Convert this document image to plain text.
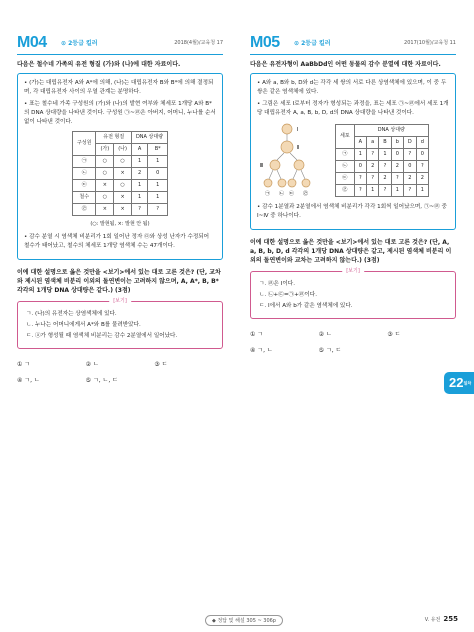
M04 ⊙ 2등급 킬러	2018(4월)/교육청 17
다음은 철수네 가족의 유전 형질 (가)와 (나)에 대한 자료이다.

• (가)는 대립유전자 A와 A*에 의해, (나)는 대립유전자 B와 B*에 의해 결정되며, 각 대립유전자 사이의 우열 관계는 분명하다.

• 표는 철수네 가족 구성원의 (가)와 (나)의 발현 여부와 체세포 1개당 A와 B*의 DNA 상대량을 나타낸 것이다. 구성원 ㉠~㉣은 아버지, 어머니, 누나를 순서 없이 나타낸 것이다.

구성원	유전 형질		DNA 상대량	
	(가)	(나)	A	B*
㉠	○	○	1	1
㉡	○	×	2	0
㉢	×	○	1	1
철수	○	×	1	1
㉣	×	×	?	?
(○: 발현됨, ×: 발현 안 됨)

• 감수 분열 시 염색체 비분리가 1회 일어난 정자 ㉤와 상성 난자가 수정되어 철수가 태어났고, 철수의 체세포 1개당 염색체 수는 47개이다.

이에 대한 설명으로 옳은 것만을 <보기>에서 있는 대로 고른 것은? (단, 교차와 제시된 염색체 비분리 이외의 돌연변이는 고려하지 않으며, A, A*, B, B* 각각의 1개당 DNA 상대량은 같다.) (3점)
[보기]

ㄱ. (나)의 유전자는 상염색체에 있다.

ㄴ. 누나는 어머니에게서 A*와 B를 물려받았다.

ㄷ. ⓐ가 형성될 때 염색체 비분리는 감수 2분열에서 일어났다.

① ㄱ	② ㄴ	③ ㄷ
④ ㄱ, ㄴ	⑤ ㄱ, ㄴ, ㄷ
M05 ⊙ 2등급 킬러	2017(10월)/교육청 11
다음은 유전자형이 AaBbDd인 어떤 동물의 감수 분열에 대한 자료이다.

• A와 a, B와 b, D와 d는 각각 세 쌍의 서로 다른 상염색체에 있으며, 이 중 두 쌍은 같은 염색체에 있다.

• 그림은 세포 Ⅰ로부터 정자가 형성되는 과정을, 표는 세포 ㉠~㉣에서 세포 1개당 대립유전자 A, a, B, b, D, d의 DNA 상대량을 나타낸 것이다.

Ⅰ
Ⅱ
Ⅲ
㉠ ㉡ ㉢ ㉣
세포	DNA 상대량					
	A	a	B	b	D	d
㉠	1	?	1	0	?	0
㉡	0	2	?	2	0	?
㉢	?	?	2	?	2	2
㉣	?	1	?	1	?	1

• 감수 1분열과 2분열에서 염색체 비분리가 각각 1회씩 일어났으며, ㉠~㉣ 중 Ⅰ~Ⅳ 중 하나이다.

이에 대한 설명으로 옳은 것만을 <보기>에서 있는 대로 고른 것은? (단, A, a, B, b, D, d 각각의 1개당 DNA 상대량은 같고, 제시된 염색체 비분리 이외의 돌연변이와 교차는 고려하지 않는다.) (3점)
[보기]

ㄱ. ㉣은 Ⅰ이다.

ㄴ. ㉡+㉢=㉠+㉣이다.

ㄷ. Ⅰ에서 A와 b가 같은 염색체에 있다.

① ㄱ	② ㄴ	③ ㄷ
④ ㄱ, ㄴ	⑤ ㄱ, ㄷ
22일차
◆ 정답 및 해설 305 ~ 306p	V. 유전 255
